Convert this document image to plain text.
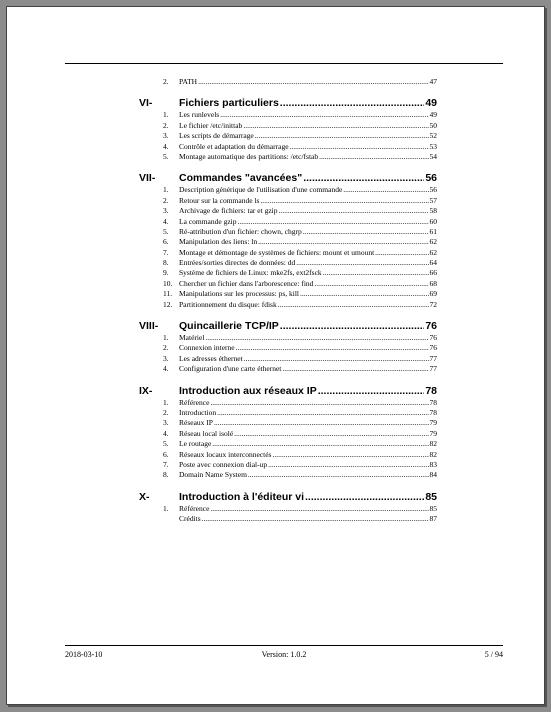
2.	PATH .....	47
VI-	Fichiers particuliers .....	49
1.	Les runlevels .....	49
2.	Le fichier /etc/inittab .....	50
3.	Les scripts de démarrage .....	52
4.	Contrôle et adaptation du démarrage .....	53
5.	Montage automatique des partitions: /etc/fstab .....	54
VII-	Commandes "avancées" .....	56
1.	Description générique de l'utilisation d'une commande .....	56
2.	Retour sur la commande ls .....	57
3.	Archivage de fichiers: tar et gzip .....	58
4.	La commande gzip .....	60
5.	Ré-attribution d'un fichier: chown, chgrp .....	61
6.	Manipulation des liens: ln .....	62
7.	Montage et démontage de systèmes de fichiers: mount et umount .....	62
8.	Entrées/sorties directes de données: dd .....	64
9.	Système de fichiers de Linux: mke2fs, ext2fsck .....	66
10. Chercher un fichier dans l'arborescence: find .....	68
11. Manipulations sur les processus: ps, kill .....	69
12. Partitionnement du disque: fdisk .....	72
VIII-	Quincaillerie TCP/IP .....	76
1.	Matériel .....	76
2.	Connexion interne .....	76
3.	Les adresses éthernet .....	77
4.	Configuration d'une carte éthernet .....	77
IX-	Introduction aux réseaux IP .....	78
1.	Référence .....	78
2.	Introduction .....	78
3.	Réseaux IP .....	79
4.	Réseau local isolé .....	79
5.	Le routage .....	82
6.	Réseaux locaux interconnectés .....	82
7.	Poste avec connexion dial-up .....	83
8.	Domain Name System .....	84
X-	Introduction à l'éditeur vi .....	85
1.	Référence .....	85
Crédits .....	87
2018-03-10	Version: 1.0.2	5 / 94
